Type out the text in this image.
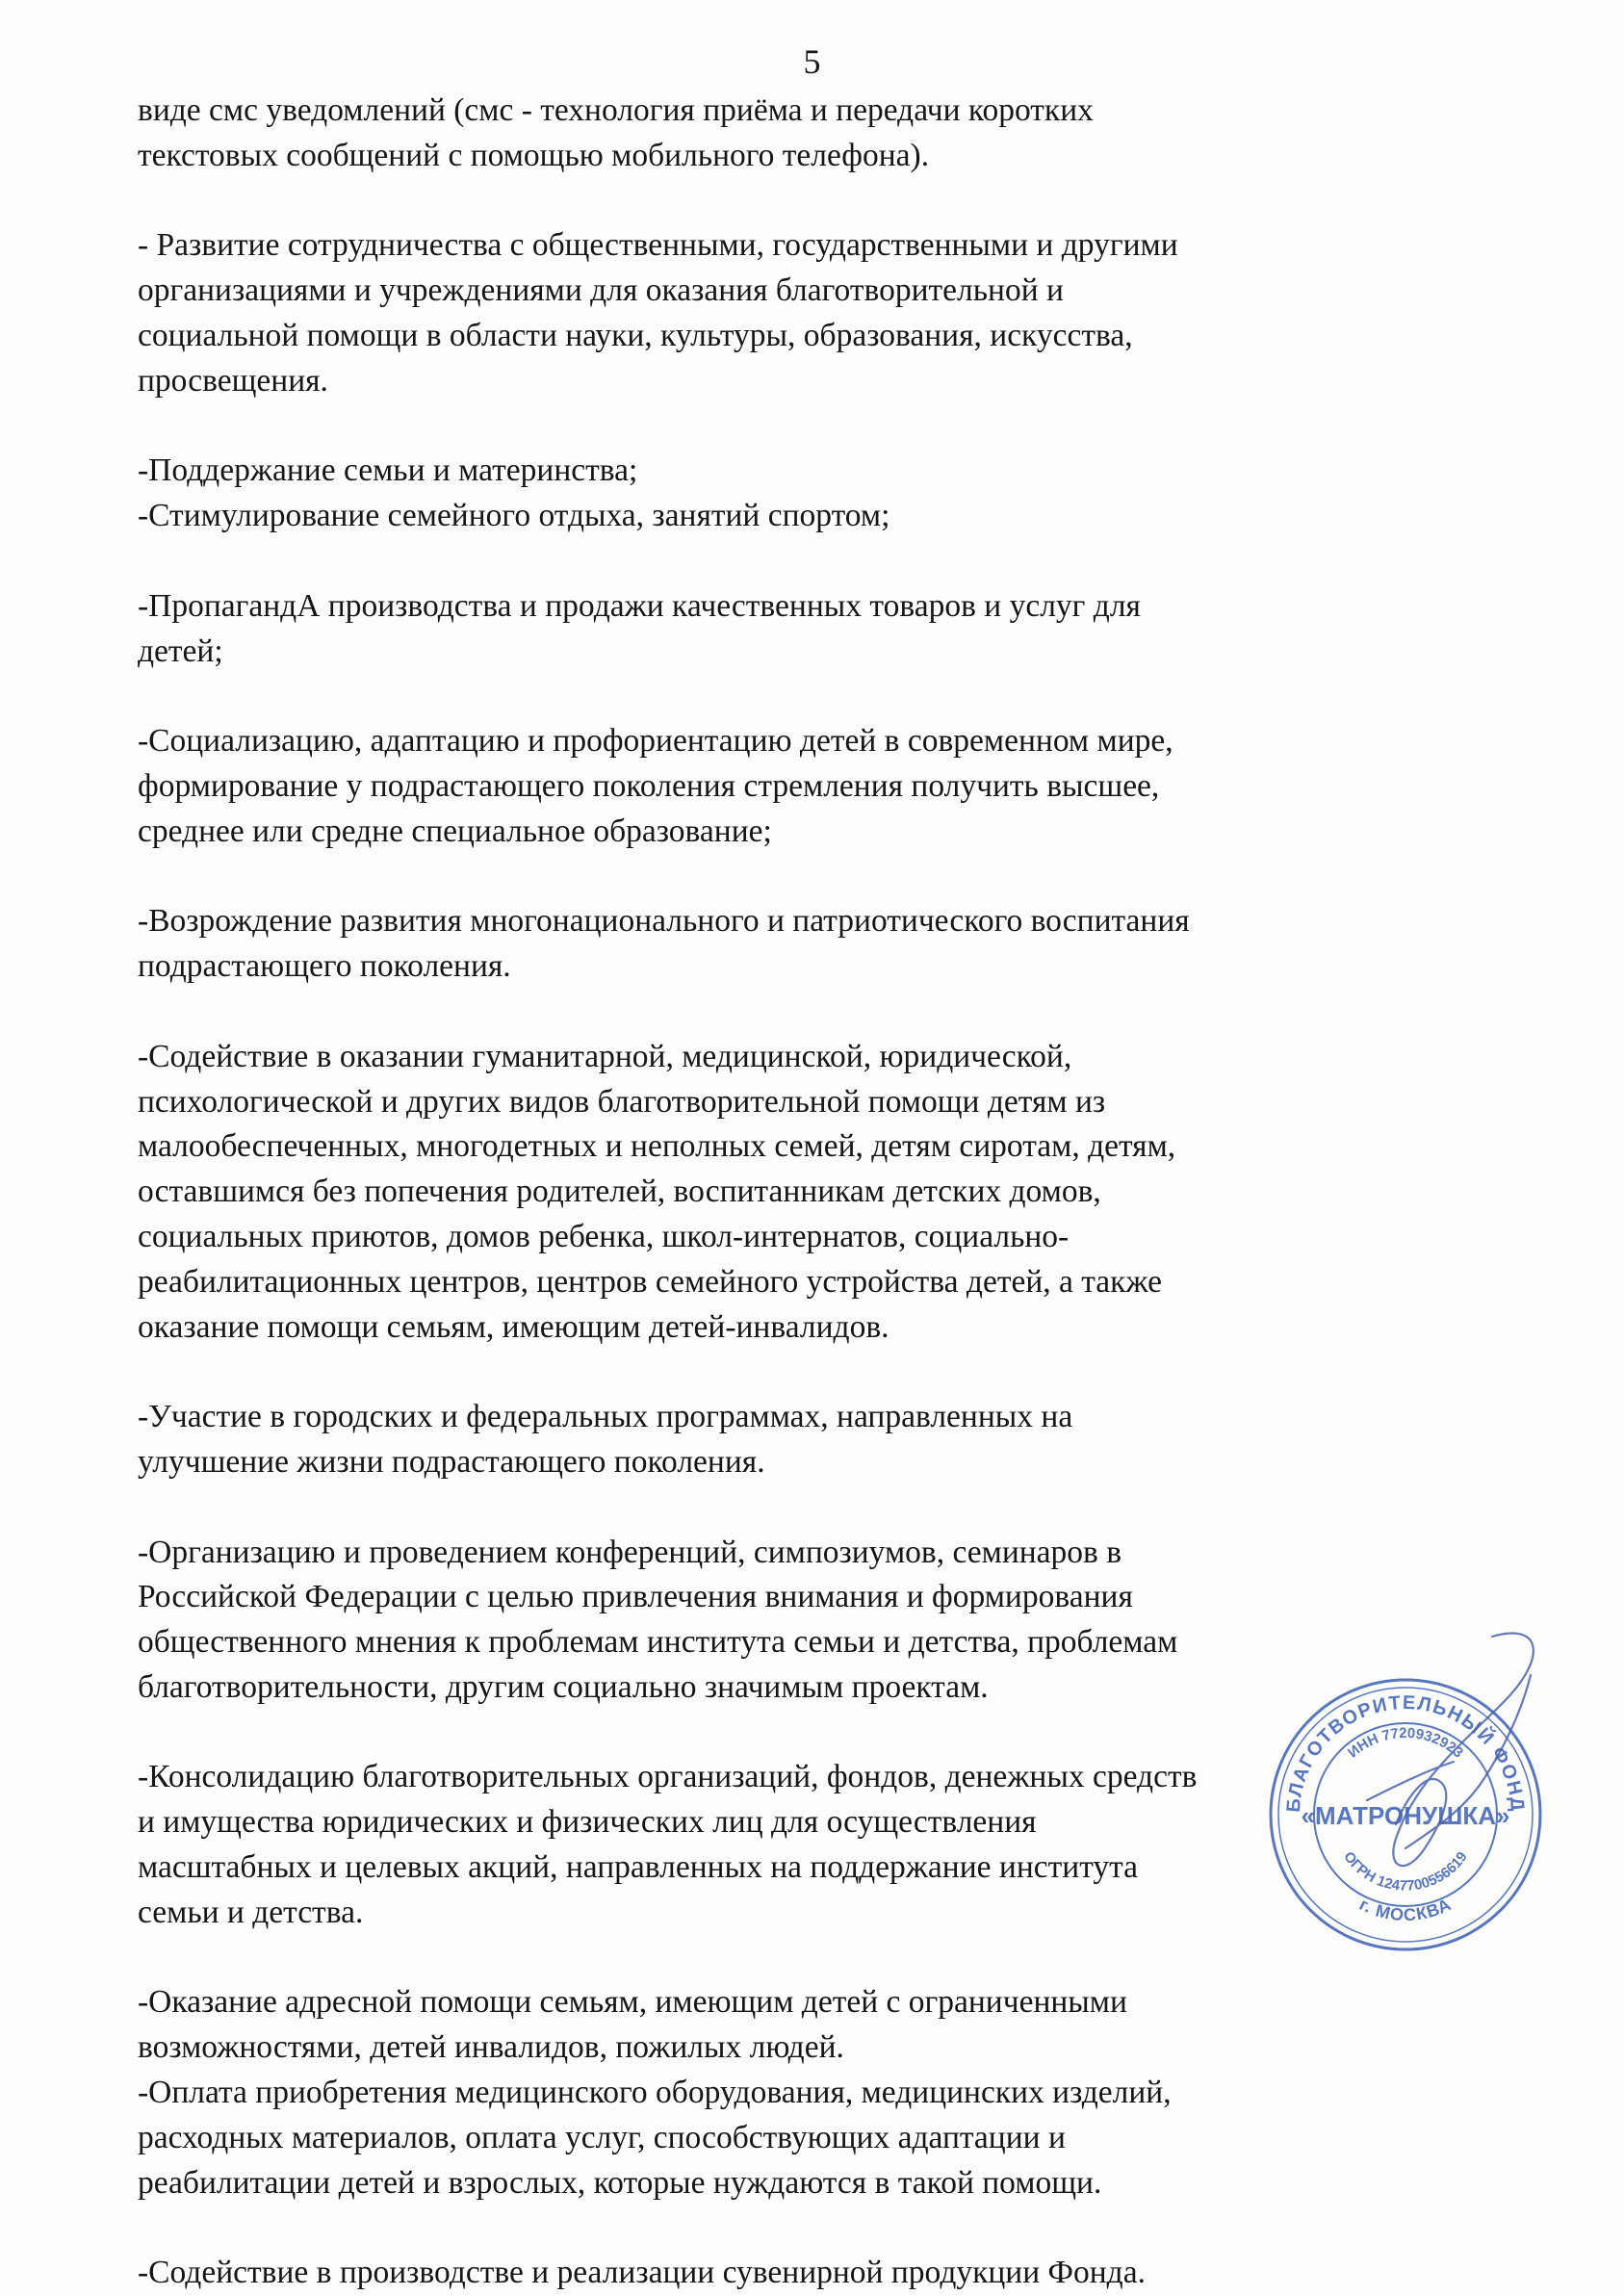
5

виде смс уведомлений (смс - технология приёма и передачи коротких
текстовых сообщений с помощью мобильного телефона).

- Развитие сотрудничества с общественными, государственными и другими
организациями и учреждениями для оказания благотворительной и
социальной помощи в области науки, культуры, образования, искусства,
просвещения.

-Поддержание семьи и материнства;
-Стимулирование семейного отдыха, занятий спортом;

-ПропагандА производства и продажи качественных товаров и услуг для
детей;

-Социализацию, адаптацию и профориентацию детей в современном мире,
формирование у подрастающего поколения стремления получить высшее,
среднее или средне специальное образование;

-Возрождение развития многонационального и патриотического воспитания
подрастающего поколения.

-Содействие в оказании гуманитарной, медицинской, юридической,
психологической и других видов благотворительной помощи детям из
малообеспеченных, многодетных и неполных семей, детям сиротам, детям,
оставшимся без попечения родителей, воспитанникам детских домов,
социальных приютов, домов ребенка, школ-интернатов, социально-
реабилитационных центров, центров семейного устройства детей, а также
оказание помощи семьям, имеющим детей-инвалидов.

-Участие в городских и федеральных программах, направленных на
улучшение жизни подрастающего поколения.

-Организацию и проведением конференций, симпозиумов, семинаров в
Российской Федерации с целью привлечения внимания и формирования
общественного мнения к проблемам института семьи и детства, проблемам
благотворительности, другим социально значимым проектам.

-Консолидацию благотворительных организаций, фондов, денежных средств
и имущества юридических и физических лиц для осуществления
масштабных и целевых акций, направленных на поддержание института
семьи и детства.

-Оказание адресной помощи семьям, имеющим детей с ограниченными
возможностями, детей инвалидов, пожилых людей.
-Оплата приобретения медицинского оборудования, медицинских изделий,
расходных материалов, оплата услуг, способствующих адаптации и
реабилитации детей и взрослых, которые нуждаются в такой помощи.

-Содействие в производстве и реализации сувенирной продукции Фонда.

БЛАГОТВОРИТЕЛЬНЫЙ ФОНД
ИНН 7720932923
«МАТРОНУШКА»
ОГРН 1247700556619
г. МОСКВА
